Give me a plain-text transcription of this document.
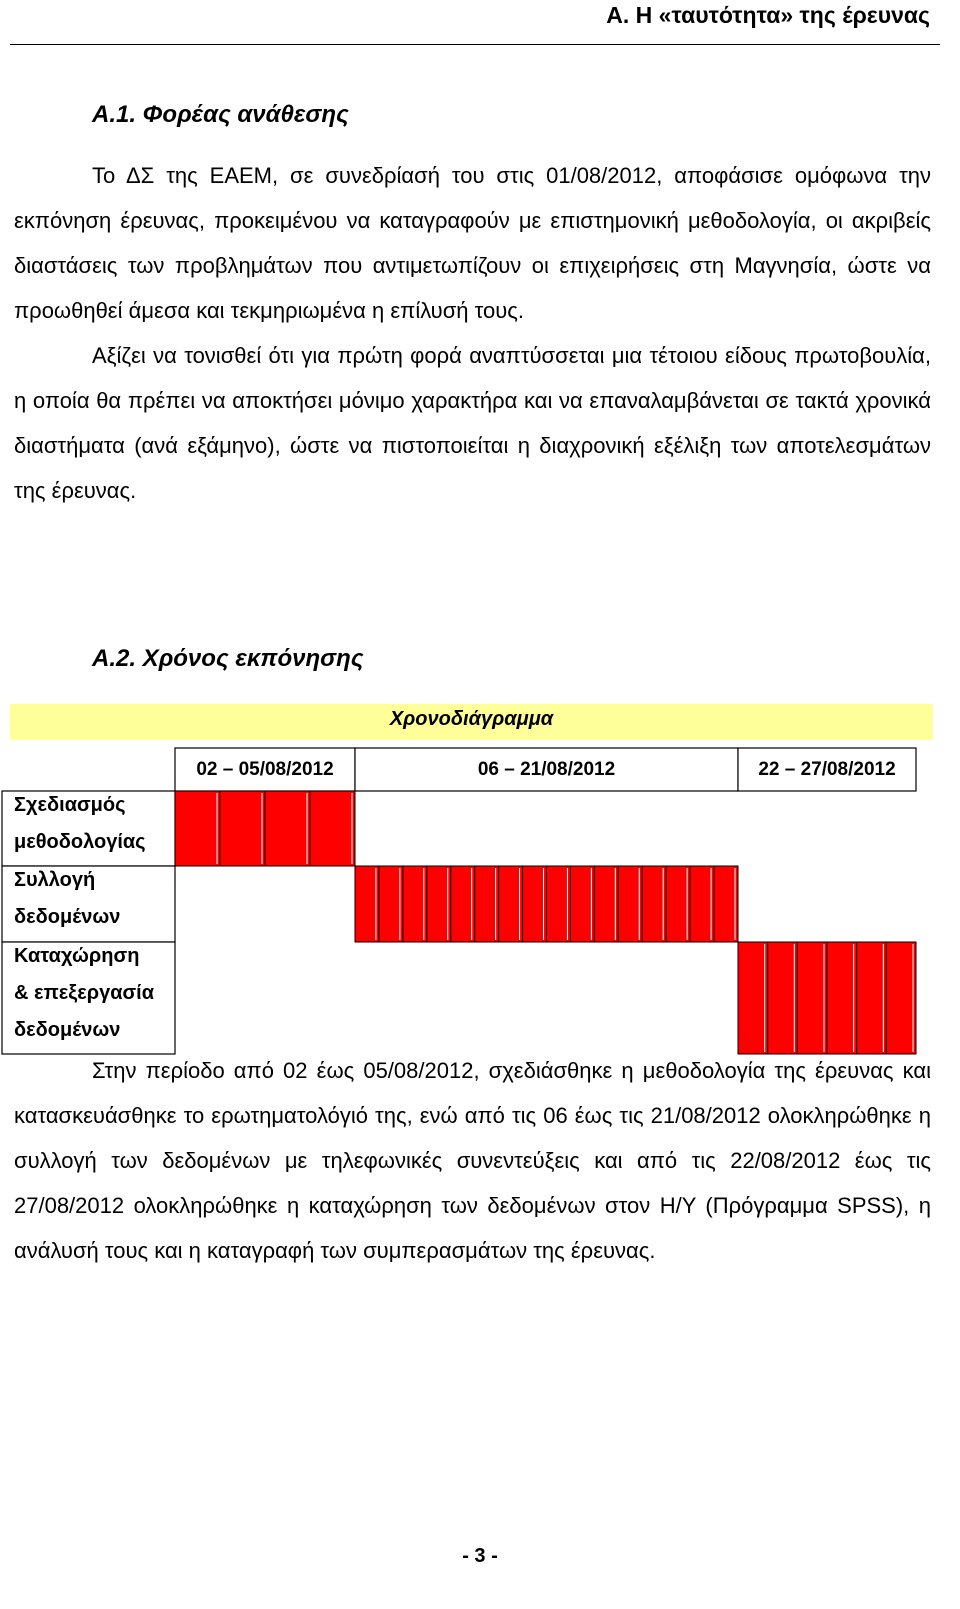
Α. Η «ταυτότητα» της έρευνας
Α.1. Φορέας ανάθεσης

Το ΔΣ της ΕΑΕΜ, σε συνεδρίασή του στις 01/08/2012, αποφάσισε ομόφωνα την εκπόνηση έρευνας, προκειμένου να καταγραφούν με επιστημονική μεθοδολογία, οι ακριβείς διαστάσεις των προβλημάτων που αντιμετωπίζουν οι επιχειρήσεις στη Μαγνησία, ώστε να προωθηθεί άμεσα και τεκμηριωμένα η επίλυσή τους.

Αξίζει να τονισθεί ότι για πρώτη φορά αναπτύσσεται μια τέτοιου είδους πρωτοβουλία, η οποία θα πρέπει να αποκτήσει μόνιμο χαρακτήρα και να επαναλαμβάνεται σε τακτά χρονικά διαστήματα (ανά εξάμηνο), ώστε να πιστοποιείται η διαχρονική εξέλιξη των αποτελεσμάτων της έρευνας.

Α.2. Χρόνος εκπόνησης
Χρονοδιάγραμμα
02 – 05/08/2012	06 – 21/08/2012	22 – 27/08/2012
Σχεδιασμός
μεθοδολογίας
Συλλογή
δεδομένων
Καταχώρηση
& επεξεργασία
δεδομένων

Στην περίοδο από 02 έως 05/08/2012, σχεδιάσθηκε η μεθοδολογία της έρευνας και κατασκευάσθηκε το ερωτηματολόγιό της, ενώ από τις 06 έως τις 21/08/2012 ολοκληρώθηκε η συλλογή των δεδομένων με τηλεφωνικές συνεντεύξεις και από τις 22/08/2012 έως τις 27/08/2012 ολοκληρώθηκε η καταχώρηση των δεδομένων στον Η/Υ (Πρόγραμμα SPSS), η ανάλυσή τους και η καταγραφή των συμπερασμάτων της έρευνας.

- 3 -
